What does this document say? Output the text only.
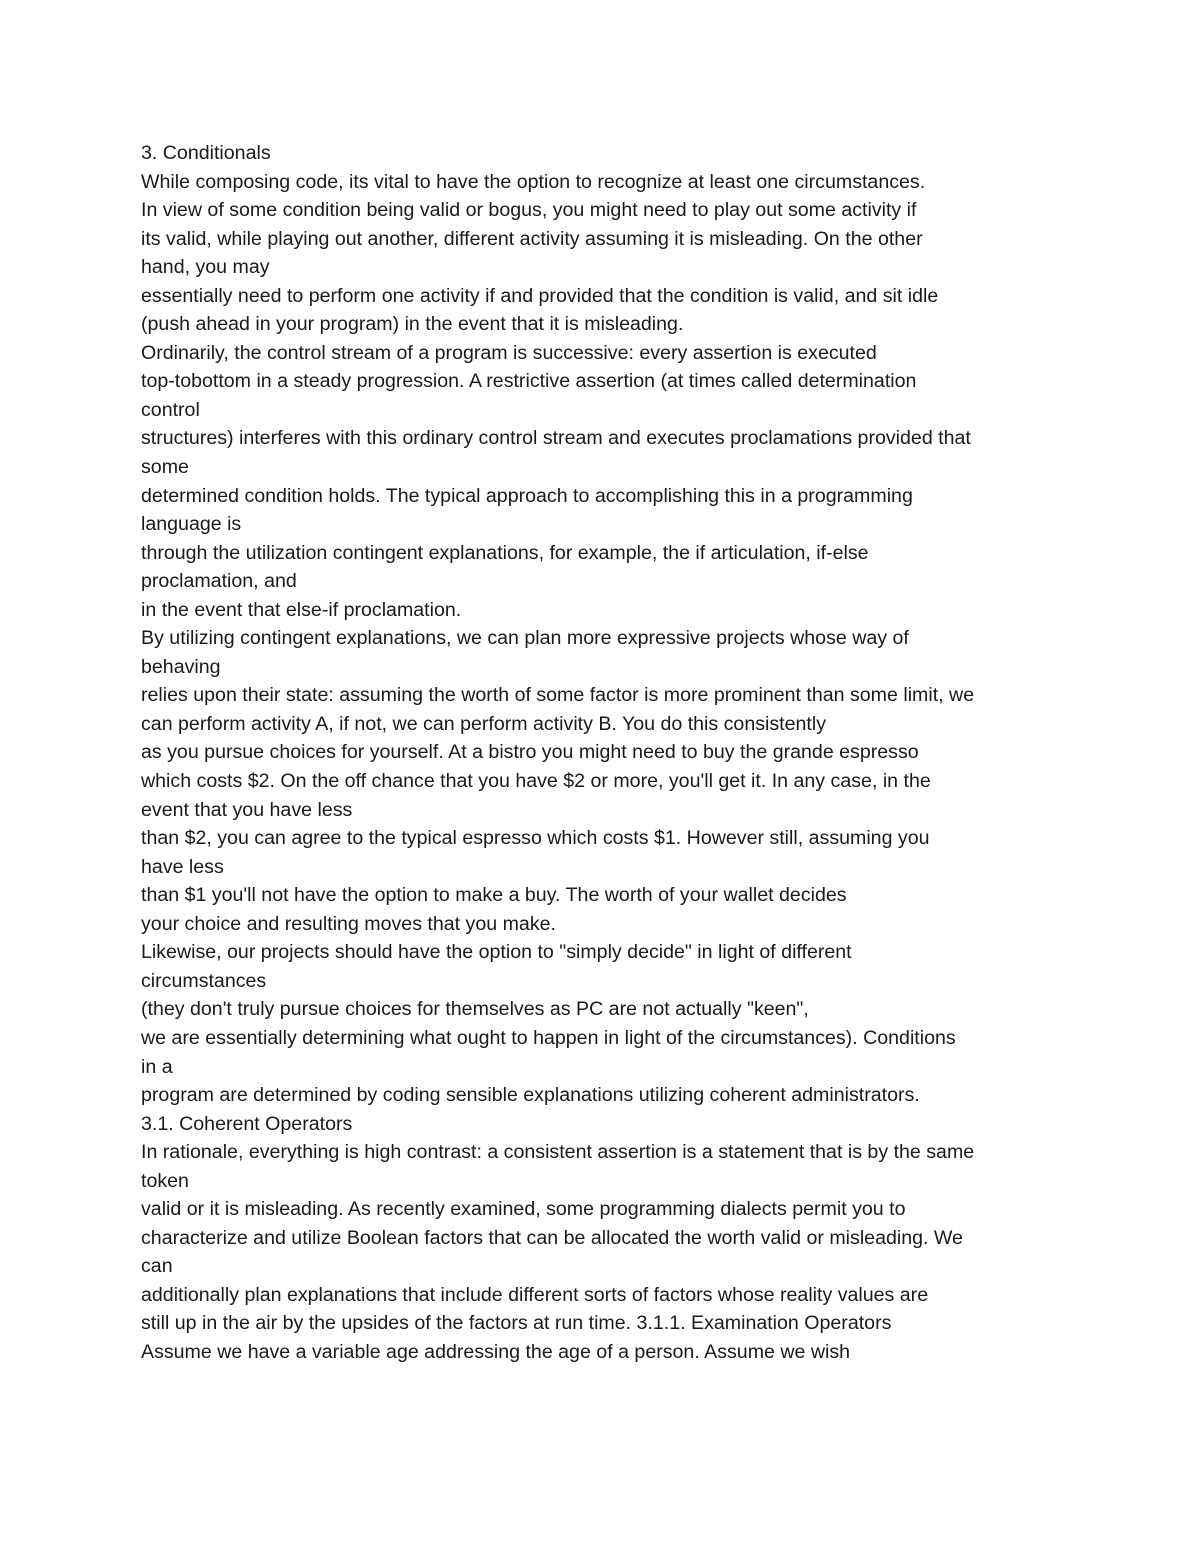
3. Conditionals
While composing code, its vital to have the option to recognize at least one circumstances.
In view of some condition being valid or bogus, you might need to play out some activity if
its valid, while playing out another, different activity assuming it is misleading. On the other
hand, you may
essentially need to perform one activity if and provided that the condition is valid, and sit idle
(push ahead in your program) in the event that it is misleading.
Ordinarily, the control stream of a program is successive: every assertion is executed
top-tobottom in a steady progression. A restrictive assertion (at times called determination
control
structures) interferes with this ordinary control stream and executes proclamations provided that
some
determined condition holds. The typical approach to accomplishing this in a programming
language is
through the utilization contingent explanations, for example, the if articulation, if-else
proclamation, and
in the event that else-if proclamation.
By utilizing contingent explanations, we can plan more expressive projects whose way of
behaving
relies upon their state: assuming the worth of some factor is more prominent than some limit, we
can perform activity A, if not, we can perform activity B. You do this consistently
as you pursue choices for yourself. At a bistro you might need to buy the grande espresso
which costs $2. On the off chance that you have $2 or more, you'll get it. In any case, in the
event that you have less
than $2, you can agree to the typical espresso which costs $1. However still, assuming you
have less
than $1 you'll not have the option to make a buy. The worth of your wallet decides
your choice and resulting moves that you make.
Likewise, our projects should have the option to "simply decide" in light of different
circumstances
(they don't truly pursue choices for themselves as PC are not actually "keen",
we are essentially determining what ought to happen in light of the circumstances). Conditions
in a
program are determined by coding sensible explanations utilizing coherent administrators.
3.1. Coherent Operators
In rationale, everything is high contrast: a consistent assertion is a statement that is by the same
token
valid or it is misleading. As recently examined, some programming dialects permit you to
characterize and utilize Boolean factors that can be allocated the worth valid or misleading. We
can
additionally plan explanations that include different sorts of factors whose reality values are
still up in the air by the upsides of the factors at run time. 3.1.1. Examination Operators
Assume we have a variable age addressing the age of a person. Assume we wish
